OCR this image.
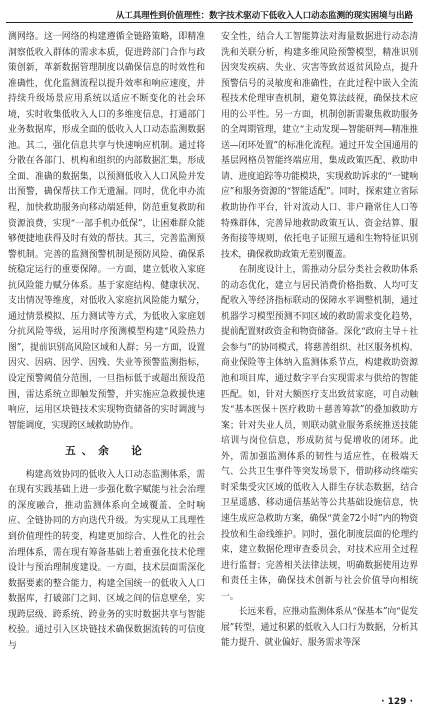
从工具理性到价值理性：数字技术驱动下低收入人口动态监测的现实困境与出路

测网络。这一网络的构建遵循全链路策略，即精准洞察低收入群体的需求本质，促进跨部门合作与政策创新，革新数据管理制度以确保信息的时效性和准确性，优化监测流程以提升效率和响应速度，并持续升级场景应用系统以适应不断变化的社会环境，实时收集低收入人口的多维度信息，打通部门业务数据库，形成全面的低收入人口动态监测数据池。其二，强化信息共享与快速响应机制。通过将分散在各部门、机构和组织的内部数据汇集，形成全面、准确的数据集，以预测低收入人口风险并发出预警，确保帮扶工作无遗漏。同时，优化申办流程，加快救助服务向移动端延伸，防范重复救助和资源浪费，实现“一部手机办低保”，让困难群众能够便捷地获得及时有效的帮扶。其三，完善监测预警机制。完善的监测预警机制是预防风险、确保系统稳定运行的重要保障。一方面，建立低收入家庭抗风险能力赋分体系。基于家庭结构、健康状况、支出情况等维度，对低收入家庭抗风险能力赋分，通过情景模拟、压力测试等方式，为低收入家庭划分抗风险等级，运用时序预测模型构建“风险热力图”，提前识别高风险区域和人群；另一方面，设置因灾、因病、因学、因残、失业等预警监测指标，设定预警阈值分范围，一旦指标低于或超出预设范围，雷达系统立即触发预警，并实施应急救援快速响应，运用区块链技术实现物资储备的实时调渡与智能调度，实现跨区域救助协作。

五、余　论

构建高效协同的低收入人口动态监测体系，需在现有实践基础上进一步强化数字赋能与社会治理的深度融合，推动监测体系向全域覆盖、全时响应、全链协同的方向迭代升级。为实现从工具理性到价值理性的转变，构建更加综合、人性化的社会治理体系，需在现有筹备基础上着重强化技术伦理设计与预治理制度建设。一方面，技术层面需深化数据要素的整合能力，构建全国统一的低收入人口数据库，打破部门之间、区域之间的信息壁垒，实现跨层级、跨系统、跨业务的实时数据共享与智能校验。通过引入区块链技术确保数据流转的可信度与

安全性，结合人工智能算法对海量数据进行动态清洗和关联分析，构建多维风险预警模型，精准识别因突发疾病、失业、灾害等致贫返贫风险点，提升预警信号的灵敏度和准确性，在此过程中嵌入全流程技术伦理审查机制，避免算法歧视，确保技术应用的公平性。另一方面，机制创新需聚焦救助服务的全周期管理，建立“主动发现—智能研判—精准推送—闭环处置”的标准化流程。通过开发全国通用的基层网格员智能终端应用，集成政策匹配、救助申请、进度追踪等功能模块，实现救助诉求的“一键响应”和服务资源的“智能适配”。同时，探索建立省际救助协作平台，针对流动人口、非户籍常住人口等特殊群体，完善异地救助政策互认、资金结算、服务衔接等规则，依托电子证照互通和生物特征识别技术，确保救助政策无差别覆盖。

在制度设计上，需推动分层分类社会救助体系的动态优化，建立与居民消费价格指数、人均可支配收入等经济指标联动的保障水平调整机制，通过机器学习模型预测不同区域的救助需求变化趋势，提前配置财政资金和物资储备。深化“政府主导＋社会参与”的协同模式，将慈善组织、社区服务机构、商业保险等主体纳入监测体系节点，构建救助资源池和项目库，通过数字平台实现需求与供给的智能匹配。如，针对大额医疗支出致贫家庭，可自动触发“基本医保＋医疗救助＋慈善筹款”的叠加救助方案；针对失业人员，则联动就业服务系统推送技能培训与岗位信息，形成防贫与促增收的闭环。此外，需加强监测体系的韧性与适应性，在极端天气、公共卫生事件等突发场景下，借助移动终端实时采集受灾区域的低收入人群生存状态数据，结合卫星遥感、移动通信基站等公共基础设施信息，快速生成应急救助方案，确保“黄金72小时”内的物资投放和生命线维护。同时，强化制度层面的伦理约束，建立数据伦理审查委员会，对技术应用全过程进行监督；完善相关法律法规，明确数据使用边界和责任主体，确保技术创新与社会价值导向相统一。

长远来看，应推动监测体系从“保基本”向“促发展”转型，通过积累的低收入人口行为数据，分析其能力提升、就业偏好、服务需求等深

· 129 ·
